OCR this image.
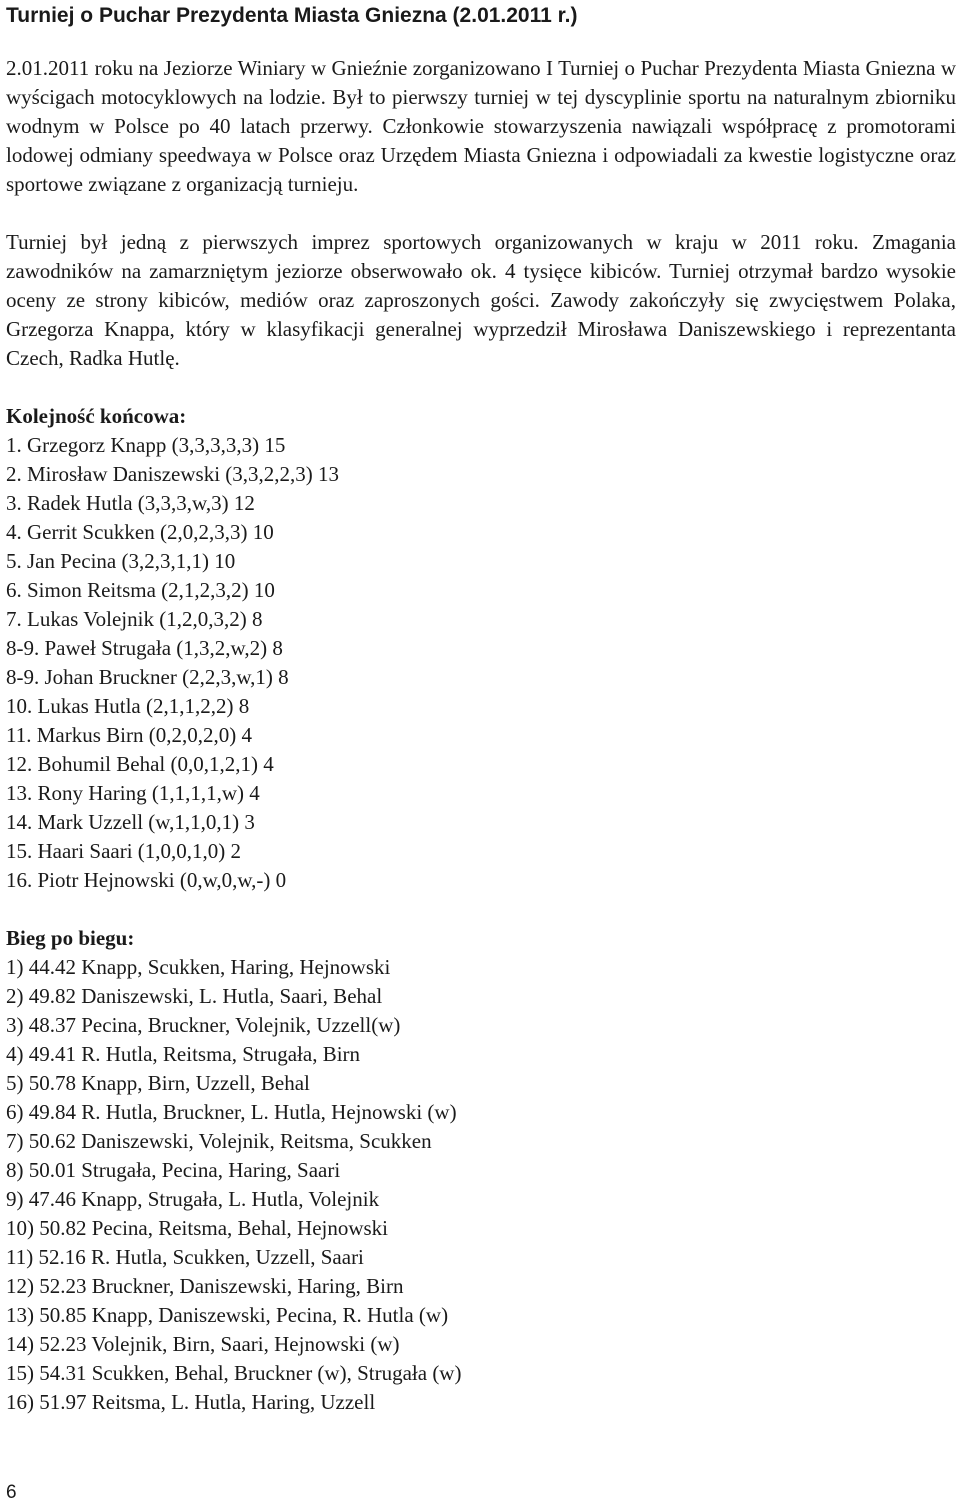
Turniej o Puchar Prezydenta Miasta Gniezna (2.01.2011 r.)

2.01.2011 roku na Jeziorze Winiary w Gnieźnie zorganizowano I Turniej o Puchar Prezydenta Miasta Gniezna w wyścigach motocyklowych na lodzie. Był to pierwszy turniej w tej dyscyplinie sportu na naturalnym zbiorniku wodnym w Polsce po 40 latach przerwy. Członkowie stowarzyszenia nawiązali współpracę z promotorami lodowej odmiany speedwaya w Polsce oraz Urzędem Miasta Gniezna i odpowiadali za kwestie logistyczne oraz sportowe związane z organizacją turnieju.

Turniej był jedną z pierwszych imprez sportowych organizowanych w kraju w 2011 roku. Zmagania zawodników na zamarzniętym jeziorze obserwowało ok. 4 tysięce kibiców. Turniej otrzymał bardzo wysokie oceny ze strony kibiców, mediów oraz zaproszonych gości. Zawody zakończyły się zwycięstwem Polaka, Grzegorza Knappa, który w klasyfikacji generalnej wyprzedził Mirosława Daniszewskiego i reprezentanta Czech, Radka Hutlę.

Kolejność końcowa:
1. Grzegorz Knapp (3,3,3,3,3) 15
2. Mirosław Daniszewski (3,3,2,2,3) 13
3. Radek Hutla (3,3,3,w,3) 12
4. Gerrit Scukken (2,0,2,3,3) 10
5. Jan Pecina (3,2,3,1,1) 10
6. Simon Reitsma (2,1,2,3,2) 10
7. Lukas Volejnik (1,2,0,3,2) 8
8-9. Paweł Strugała (1,3,2,w,2) 8
8-9. Johan Bruckner (2,2,3,w,1) 8
10. Lukas Hutla (2,1,1,2,2) 8
11. Markus Birn (0,2,0,2,0) 4
12. Bohumil Behal (0,0,1,2,1) 4
13. Rony Haring (1,1,1,1,w) 4
14. Mark Uzzell (w,1,1,0,1) 3
15. Haari Saari (1,0,0,1,0) 2
16. Piotr Hejnowski (0,w,0,w,-) 0
Bieg po biegu:
1) 44.42 Knapp, Scukken, Haring, Hejnowski
2) 49.82 Daniszewski, L. Hutla, Saari, Behal
3) 48.37 Pecina, Bruckner, Volejnik, Uzzell(w)
4) 49.41 R. Hutla, Reitsma, Strugała, Birn
5) 50.78 Knapp, Birn, Uzzell, Behal
6) 49.84 R. Hutla, Bruckner, L. Hutla, Hejnowski (w)
7) 50.62 Daniszewski, Volejnik, Reitsma, Scukken
8) 50.01 Strugała, Pecina, Haring, Saari
9) 47.46 Knapp, Strugała, L. Hutla, Volejnik
10) 50.82 Pecina, Reitsma, Behal, Hejnowski
11) 52.16 R. Hutla, Scukken, Uzzell, Saari
12) 52.23 Bruckner, Daniszewski, Haring, Birn
13) 50.85 Knapp, Daniszewski, Pecina, R. Hutla (w)
14) 52.23 Volejnik, Birn, Saari, Hejnowski (w)
15) 54.31 Scukken, Behal, Bruckner (w), Strugała (w)
16) 51.97 Reitsma, L. Hutla, Haring, Uzzell
6
